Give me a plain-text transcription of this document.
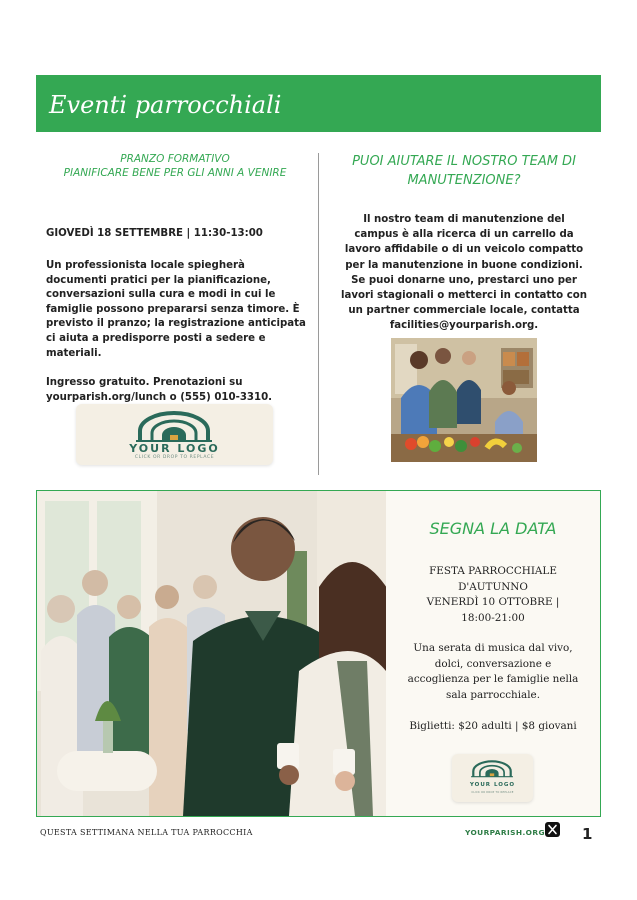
Eventi parrocchiali

PRANZO FORMATIVO
PIANIFICARE BENE PER GLI ANNI A VENIRE

GIOVEDÌ 18 SETTEMBRE | 11:30-13:00

Un professionista locale spiegherà documenti pratici per la pianificazione, conversazioni sulla cura e modi in cui le famiglie possono prepararsi senza timore. È previsto il pranzo; la registrazione anticipata ci aiuta a predisporre posti a sedere e materiali.

Ingresso gratuito. Prenotazioni su yourparish.org/lunch o (555) 010-3310.

YOUR LOGO
CLICK OR DROP TO REPLACE
PUOI AIUTARE IL NOSTRO TEAM DI MANUTENZIONE?

Il nostro team di manutenzione del campus è alla ricerca di un carrello da lavoro affidabile o di un veicolo compatto per la manutenzione in buone condizioni. Se puoi donarne uno, prestarci uno per lavori stagionali o metterci in contatto con un partner commerciale locale, contatta facilities@yourparish.org.

SEGNA LA DATA

FESTA PARROCCHIALE
D'AUTUNNO
VENERDÌ 10 OTTOBRE |
18:00-21:00

Una serata di musica dal vivo, dolci, conversazione e accoglienza per le famiglie nella sala parrocchiale.

Biglietti: $20 adulti | $8 giovani

YOUR LOGO
CLICK OR DROP TO REPLACE

QUESTA SETTIMANA NELLA TUA PARROCCHIA	YOURPARISH.ORG 1
